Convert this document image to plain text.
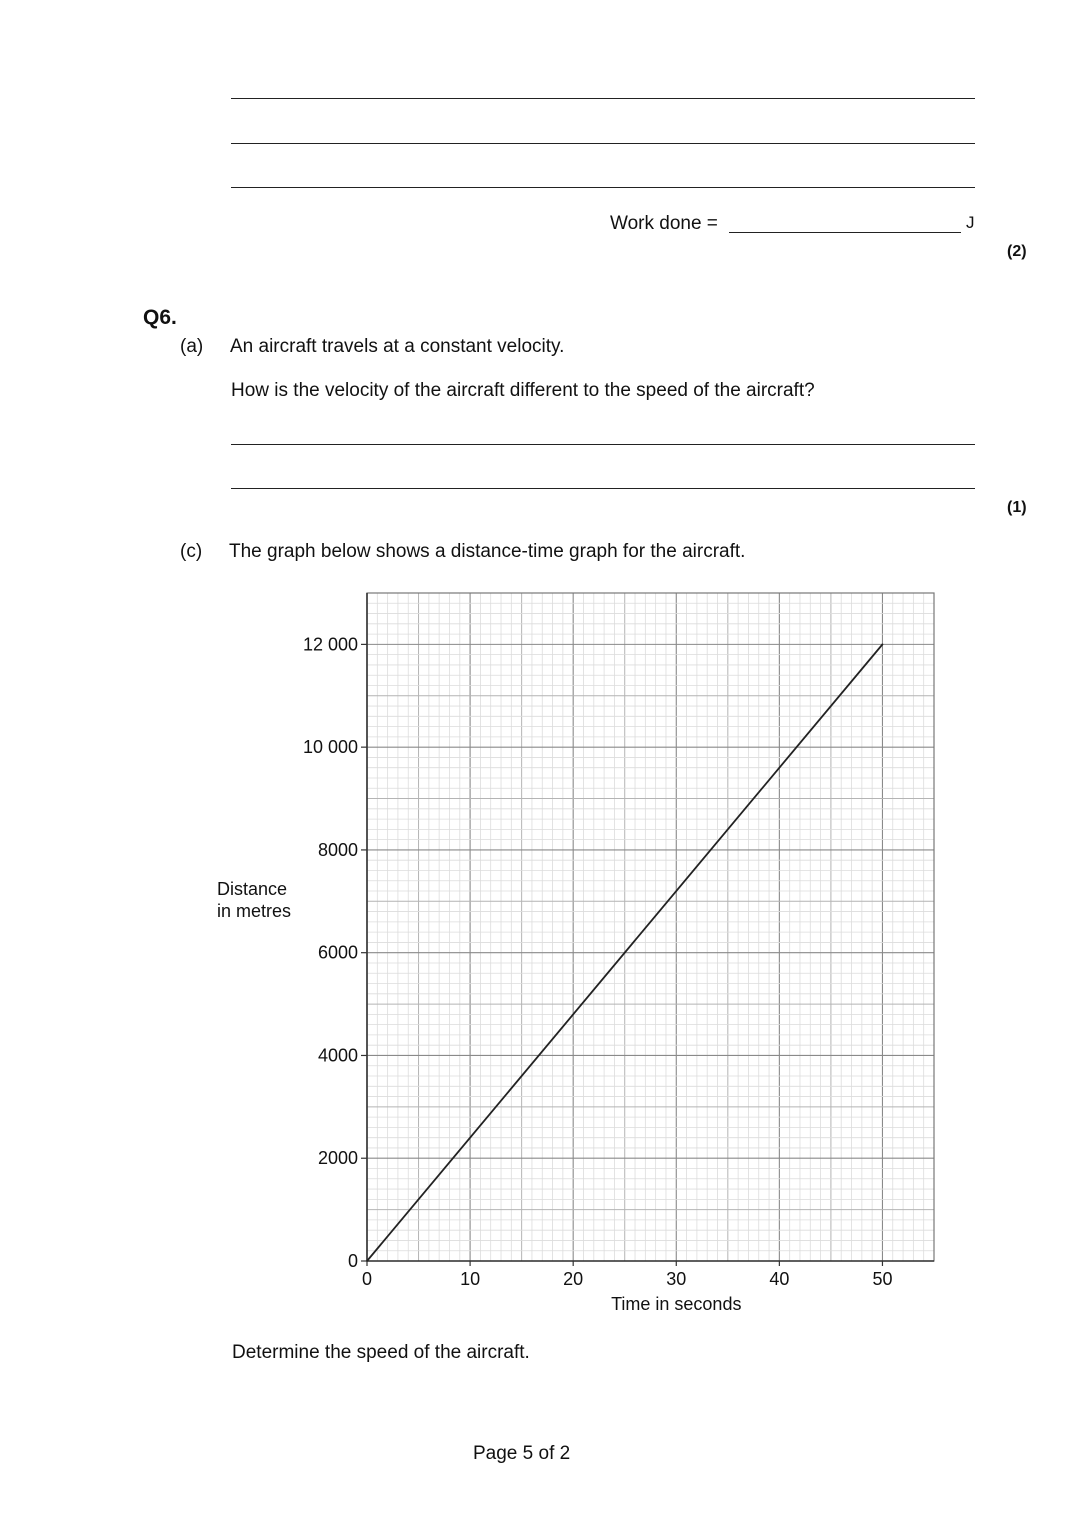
Work done =	J
(2)
Q6.
(a) An aircraft travels at a constant velocity.
How is the velocity of the aircraft different to the speed of the aircraft?
(1)
(c) The graph below shows a distance-time graph for the aircraft.
0
2000
4000
6000
8000
10 000
12 000
0	10	20	30	40	50
Time in seconds
Distance
in metres
Determine the speed of the aircraft.
Page 5 of 2
